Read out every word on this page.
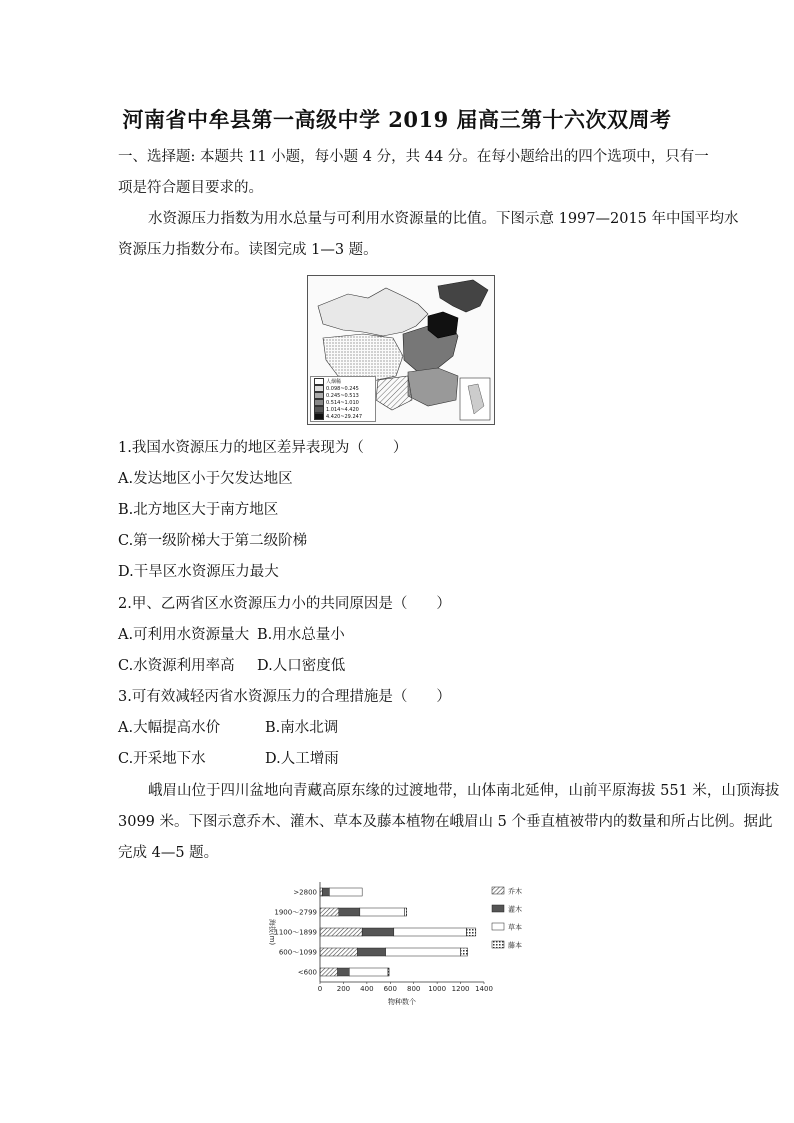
河南省中牟县第一高级中学 2019 届高三第十六次双周考
一、选择题: 本题共 11 小题，每小题 4 分，共 44 分。在每小题给出的四个选项中，只有一
项是符合题目要求的。
水资源压力指数为用水总量与可利用水资源量的比值。下图示意 1997—2015 年中国平均水
资源压力指数分布。读图完成 1—3 题。
人烟稀
0.098~0.245
0.245~0.513
0.514~1.010
1.014~4.420
4.420~29.247
1.我国水资源压力的地区差异表现为（　　）
A.发达地区小于欠发达地区
B.北方地区大于南方地区
C.第一级阶梯大于第二级阶梯
D.干旱区水资源压力最大
2.甲、乙两省区水资源压力小的共同原因是（　　）
A.可利用水资源量大 B.用水总量小
C.水资源利用率高 D.人口密度低
3.可有效减轻丙省水资源压力的合理措施是（　　）
A.大幅提高水价	B.南水北调
C.开采地下水	D.人工增雨
峨眉山位于四川盆地向青藏高原东缘的过渡地带，山体南北延伸，山前平原海拔 551 米，山顶海拔
3099 米。下图示意乔木、灌木、草本及藤本植物在峨眉山 5 个垂直植被带内的数量和所占比例。据此
完成 4—5 题。
0 200 400 600 800 1000 1200 1400
>2800
1900～2799
1100～1899
600～1099
<600
海拔(m)
物种数个
乔木
灌木
草本
藤本
